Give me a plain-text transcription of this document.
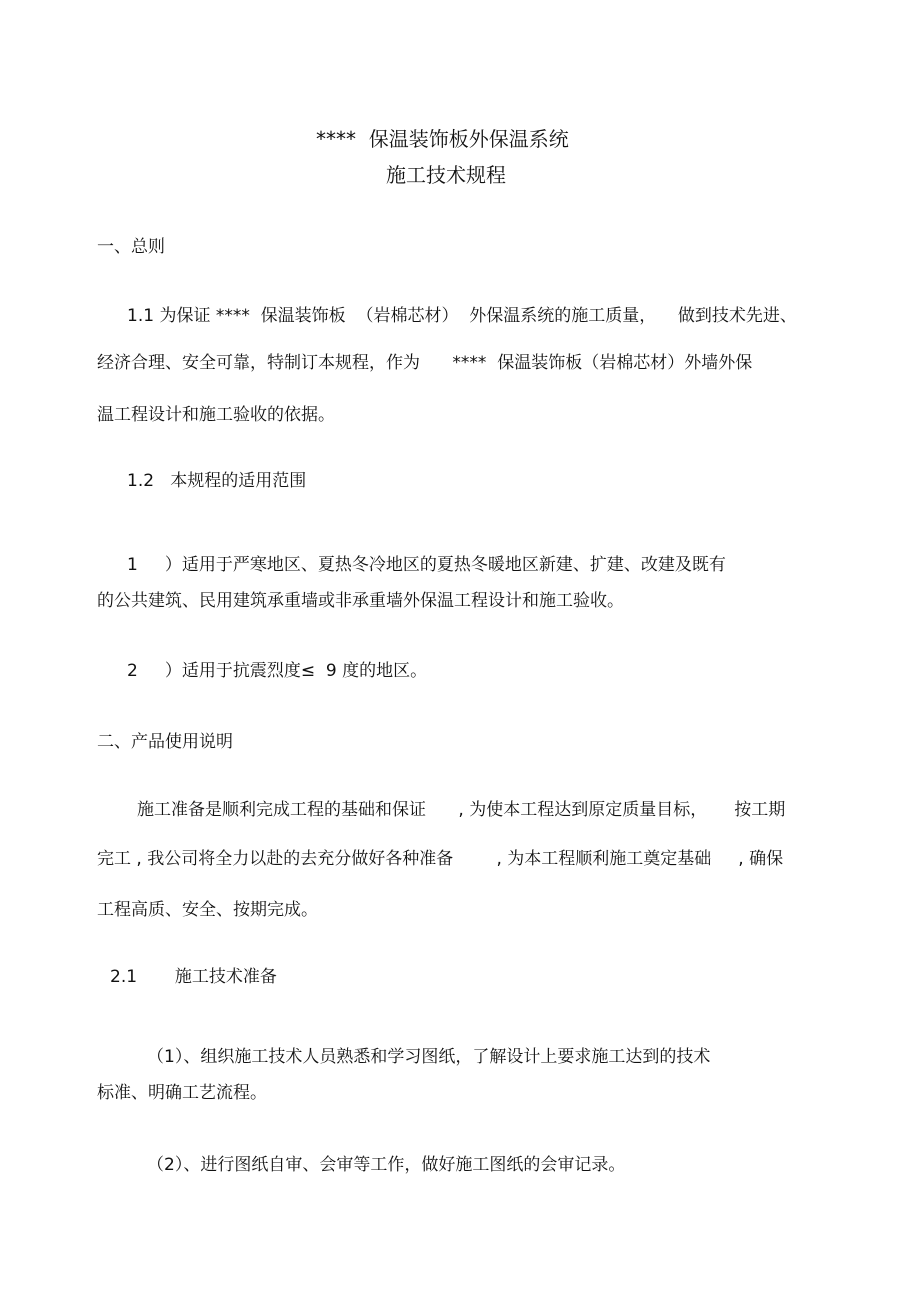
****  保温装饰板外保温系统

施工技术规程

一、总则

1.1 为保证 ****  保温装饰板  （岩棉芯材）  外保温系统的施工质量，    做到技术先进、

经济合理、安全可靠，特制订本规程，作为      ****  保温装饰板（岩棉芯材）外墙外保

温工程设计和施工验收的依据。

1.2   本规程的适用范围

1     ）适用于严寒地区、夏热冬冷地区的夏热冬暖地区新建、扩建、改建及既有

的公共建筑、民用建筑承重墙或非承重墙外保温工程设计和施工验收。

2     ）适用于抗震烈度≤  9 度的地区。

二、产品使用说明

施工准备是顺利完成工程的基础和保证      , 为使本工程达到原定质量目标，     按工期

完工 , 我公司将全力以赴的去充分做好各种准备        , 为本工程顺利施工奠定基础     , 确保

工程高质、安全、按期完成。

2.1       施工技术准备

（1）、组织施工技术人员熟悉和学习图纸，了解设计上要求施工达到的技术

标准、明确工艺流程。

（2）、进行图纸自审、会审等工作，做好施工图纸的会审记录。
